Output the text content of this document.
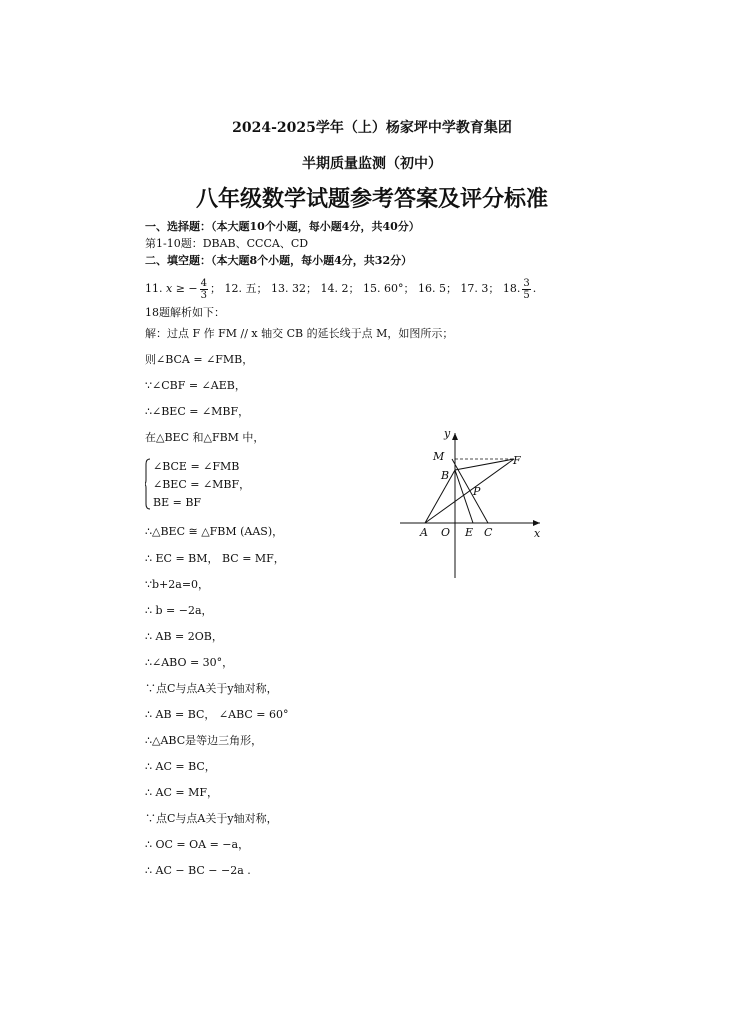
2024-2025学年（上）杨家坪中学教育集团
半期质量监测（初中）
八年级数学试题参考答案及评分标准
一、选择题：（本大题10个小题，每小题4分，共40分）
第1-10题：DBAB、CCCA、CD
二、填空题：（本大题8个小题，每小题4分，共32分）
11. x ≥ − $\frac{4}{3}$ ； 12. 五； 13. 32； 14. 2； 15. 60°； 16. 5； 17. 3； 18. $\frac{3}{5}$ .
18题解析如下：
解：过点 F 作 FM // x 轴交 CB 的延长线于点 M，如图所示；
则∠BCA = ∠FMB，
∵∠CBF = ∠AEB，
∴∠BEC = ∠MBF，
在△BEC 和△FBM 中，
∠BCE = ∠FMB
∠BEC = ∠MBF，
BE = BF
∴△BEC ≅ △FBM (AAS)，
∴ EC = BM， BC = MF，
∵b+2a=0，
∴ b = −2a，
∴ AB = 2OB，
∴∠ABO = 30°，
∵点C与点A关于y轴对称，
∴ AB = BC， ∠ABC = 60°
∴△ABC是等边三角形，
∴ AC = BC，
∴ AC = MF，
∵点C与点A关于y轴对称，
∴ OC = OA = −a，
∴ AC − BC − −2a .
y
x
M	F
B
P
A O E C
